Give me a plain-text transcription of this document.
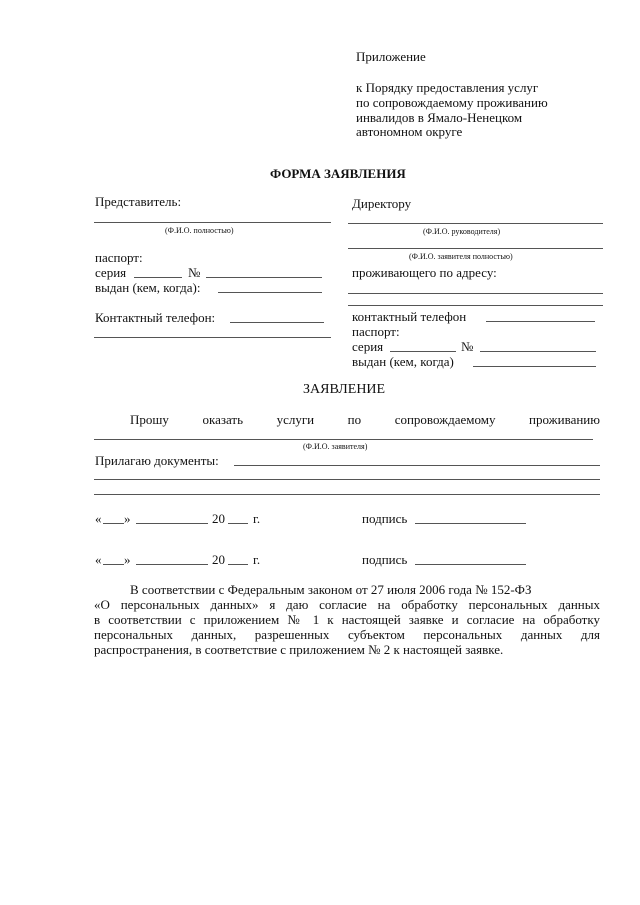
Приложение
к Порядку предоставления услуг
по сопровождаемому проживанию
инвалидов в Ямало-Ненецком
автономном округе
ФОРМА ЗАЯВЛЕНИЯ
Представитель:
(Ф.И.О. полностью)
паспорт:
серия	№
выдан (кем, когда):
Контактный телефон:
Директору
(Ф.И.О. руководителя)
(Ф.И.О. заявителя полностью)
проживающего по адресу:
контактный телефон
паспорт:
серия	№
выдан (кем, когда)
ЗАЯВЛЕНИЕ
Прошу	оказать	услуги	по	сопровождаемому	проживанию
(Ф.И.О. заявителя)
Прилагаю документы:
« »	20 г.	подпись
« »	20 г.	подпись
В соответствии с Федеральным законом от 27 июля 2006 года № 152-ФЗ
«О персональных данных» я даю согласие на обработку персональных данных
в соответствии с приложением № 1 к настоящей заявке и согласие на обработку
персональных данных, разрешенных субъектом персональных данных для
распространения, в соответствие с приложением № 2 к настоящей заявке.
